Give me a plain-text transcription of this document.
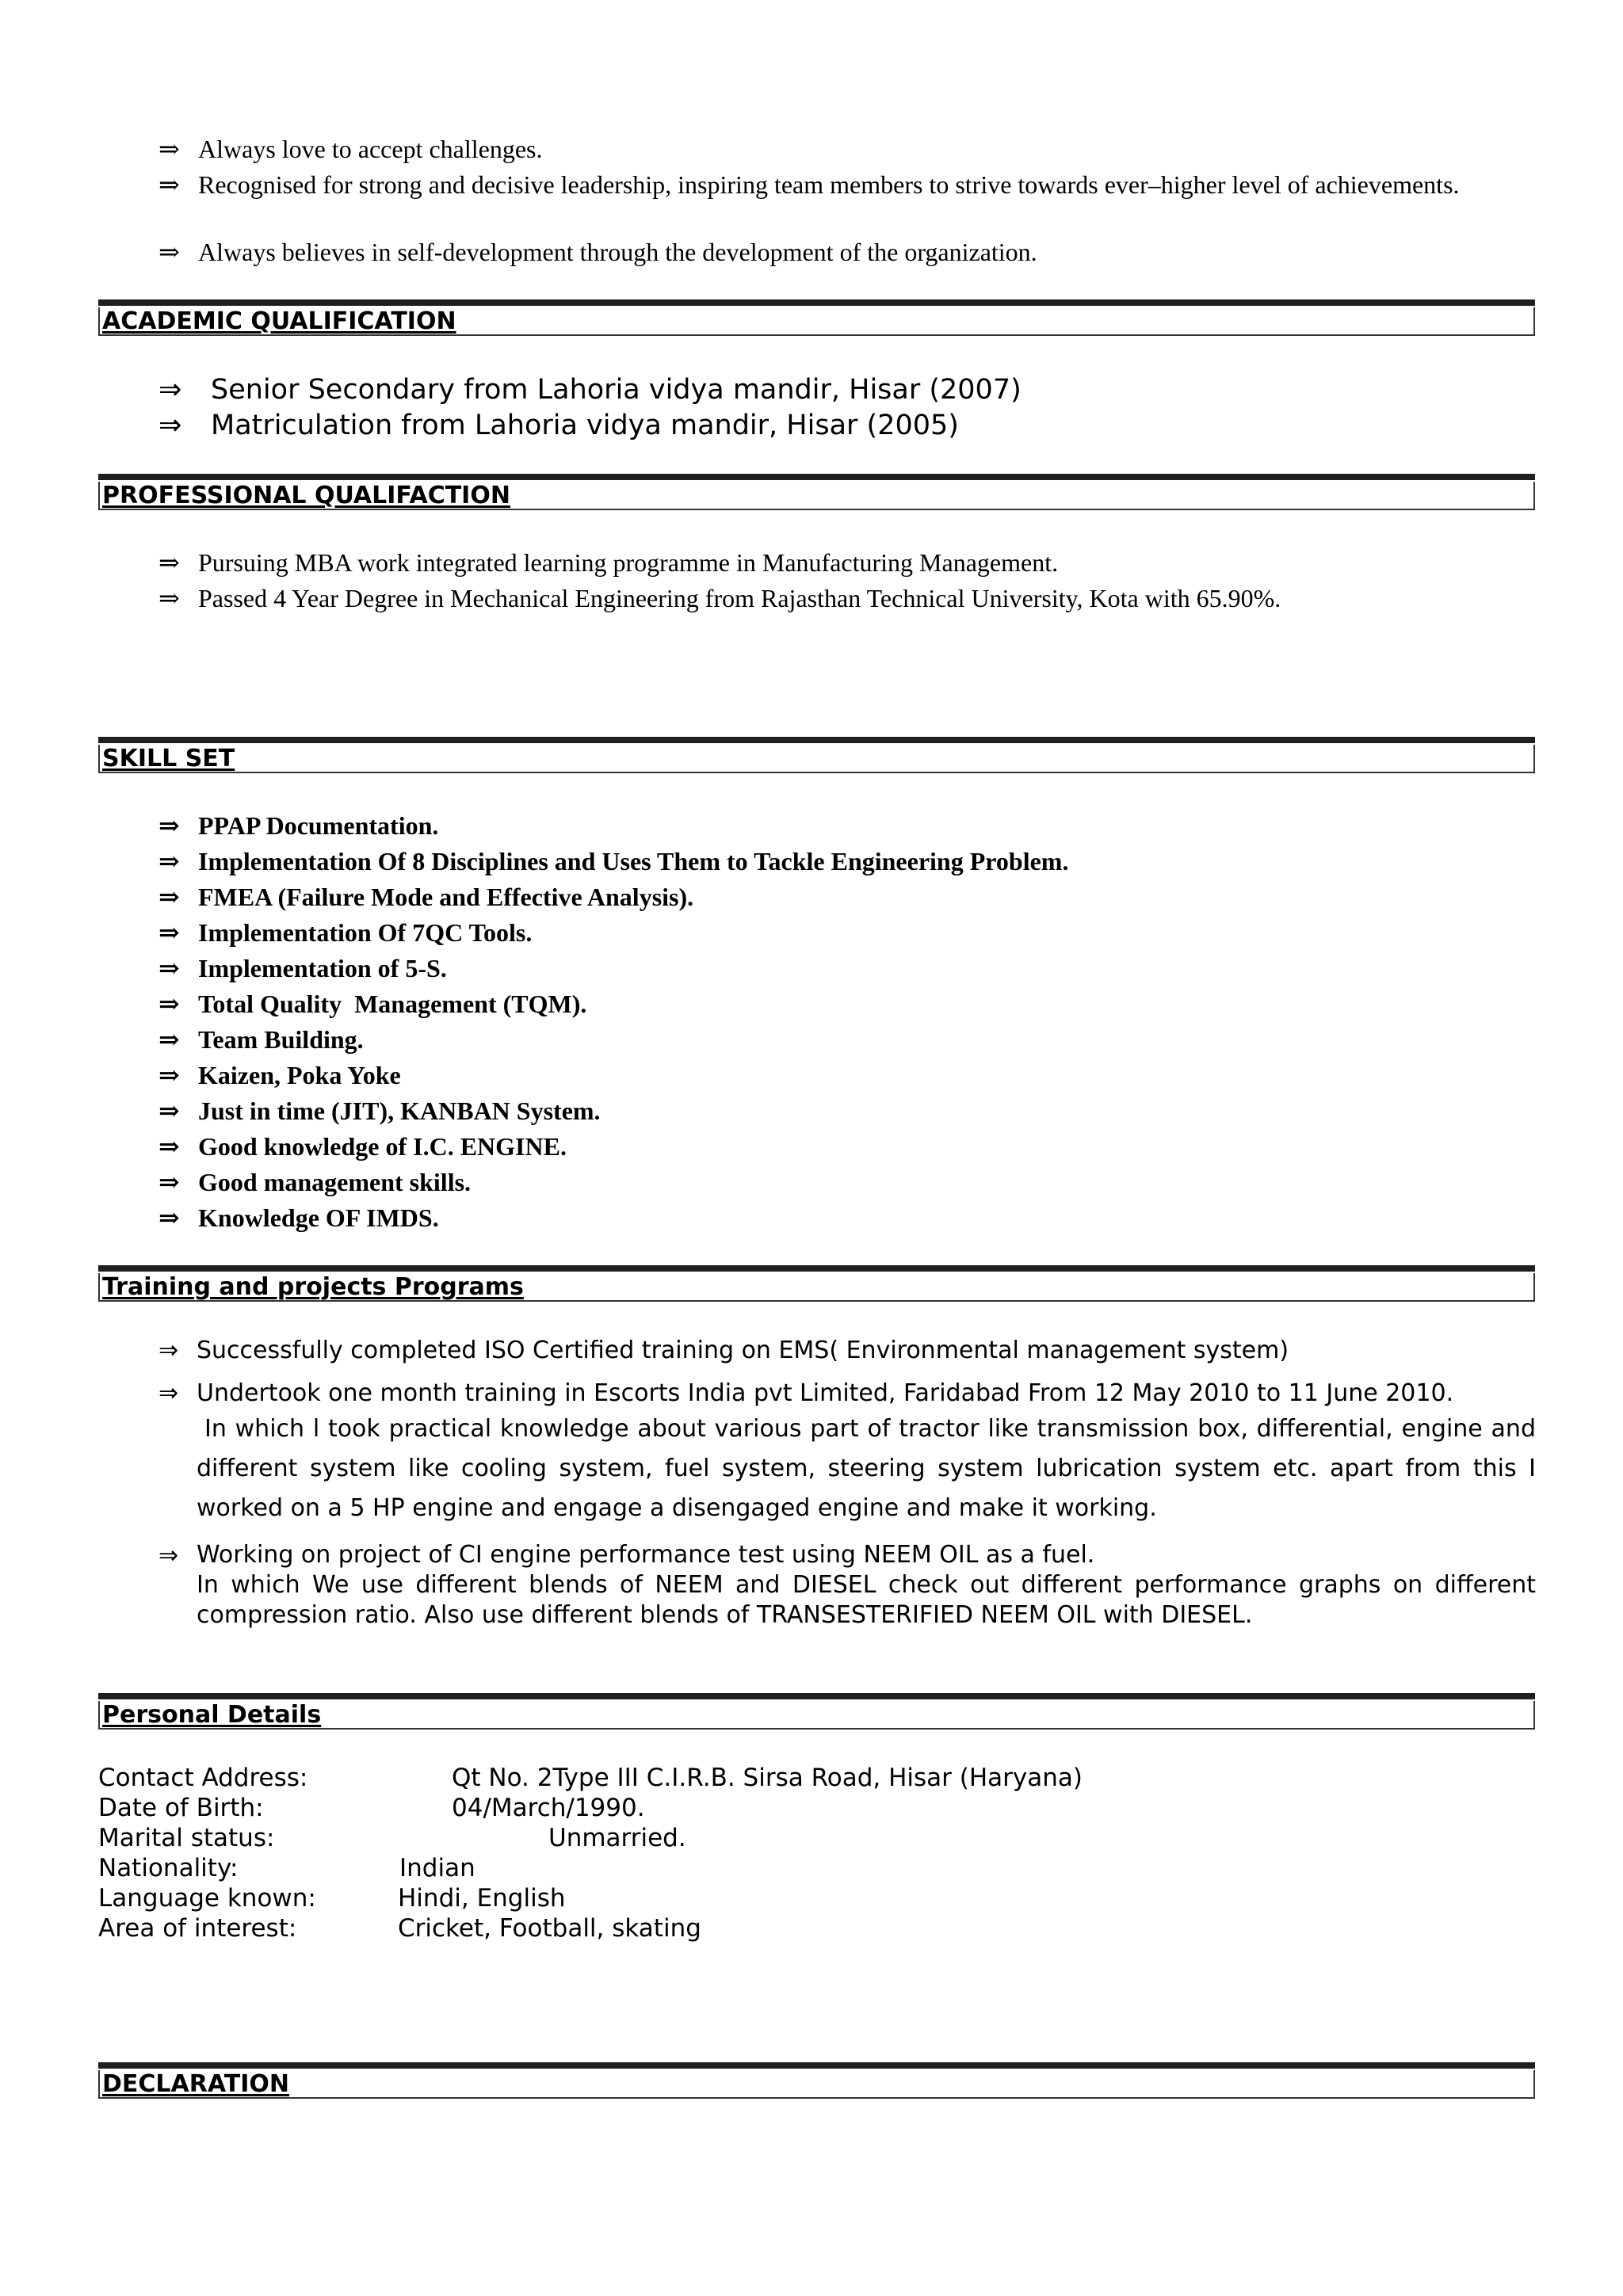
⇒ Always love to accept challenges.
⇒ Recognised for strong and decisive leadership, inspiring team members to strive towards ever–higher level of achievements.
⇒ Always believes in self-development through the development of the organization.
ACADEMIC QUALIFICATION
⇒ Senior Secondary from Lahoria vidya mandir, Hisar (2007)
⇒ Matriculation from Lahoria vidya mandir, Hisar (2005)
PROFESSIONAL QUALIFACTION
⇒ Pursuing MBA work integrated learning programme in Manufacturing Management.
⇒ Passed 4 Year Degree in Mechanical Engineering from Rajasthan Technical University, Kota with 65.90%.
SKILL SET
⇒ PPAP Documentation.
⇒ Implementation Of 8 Disciplines and Uses Them to Tackle Engineering Problem.
⇒ FMEA (Failure Mode and Effective Analysis).
⇒ Implementation Of 7QC Tools.
⇒ Implementation of 5-S.
⇒ Total Quality  Management (TQM).
⇒ Team Building.
⇒ Kaizen, Poka Yoke
⇒ Just in time (JIT), KANBAN System.
⇒ Good knowledge of I.C. ENGINE.
⇒ Good management skills.
⇒ Knowledge OF IMDS.
Training and projects Programs
⇒ Successfully completed ISO Certified training on EMS( Environmental management system)
⇒ Undertook one month training in Escorts India pvt Limited, Faridabad From 12 May 2010 to 11 June 2010.
In which l took practical knowledge about various part of tractor like transmission box, differential, engine and different system like cooling system, fuel system, steering system lubrication system etc. apart from this I worked on a 5 HP engine and engage a disengaged engine and make it working.
⇒ Working on project of CI engine performance test using NEEM OIL as a fuel.
In which We use different blends of NEEM and DIESEL check out different performance graphs on different compression ratio. Also use different blends of TRANSESTERIFIED NEEM OIL with DIESEL.
Personal Details
Contact Address:	Qt No. 2Type III C.I.R.B. Sirsa Road, Hisar (Haryana)
Date of Birth:	04/March/1990.
Marital status:	Unmarried.
Nationality:	Indian
Language known:	Hindi, English
Area of interest:	Cricket, Football, skating
DECLARATION
